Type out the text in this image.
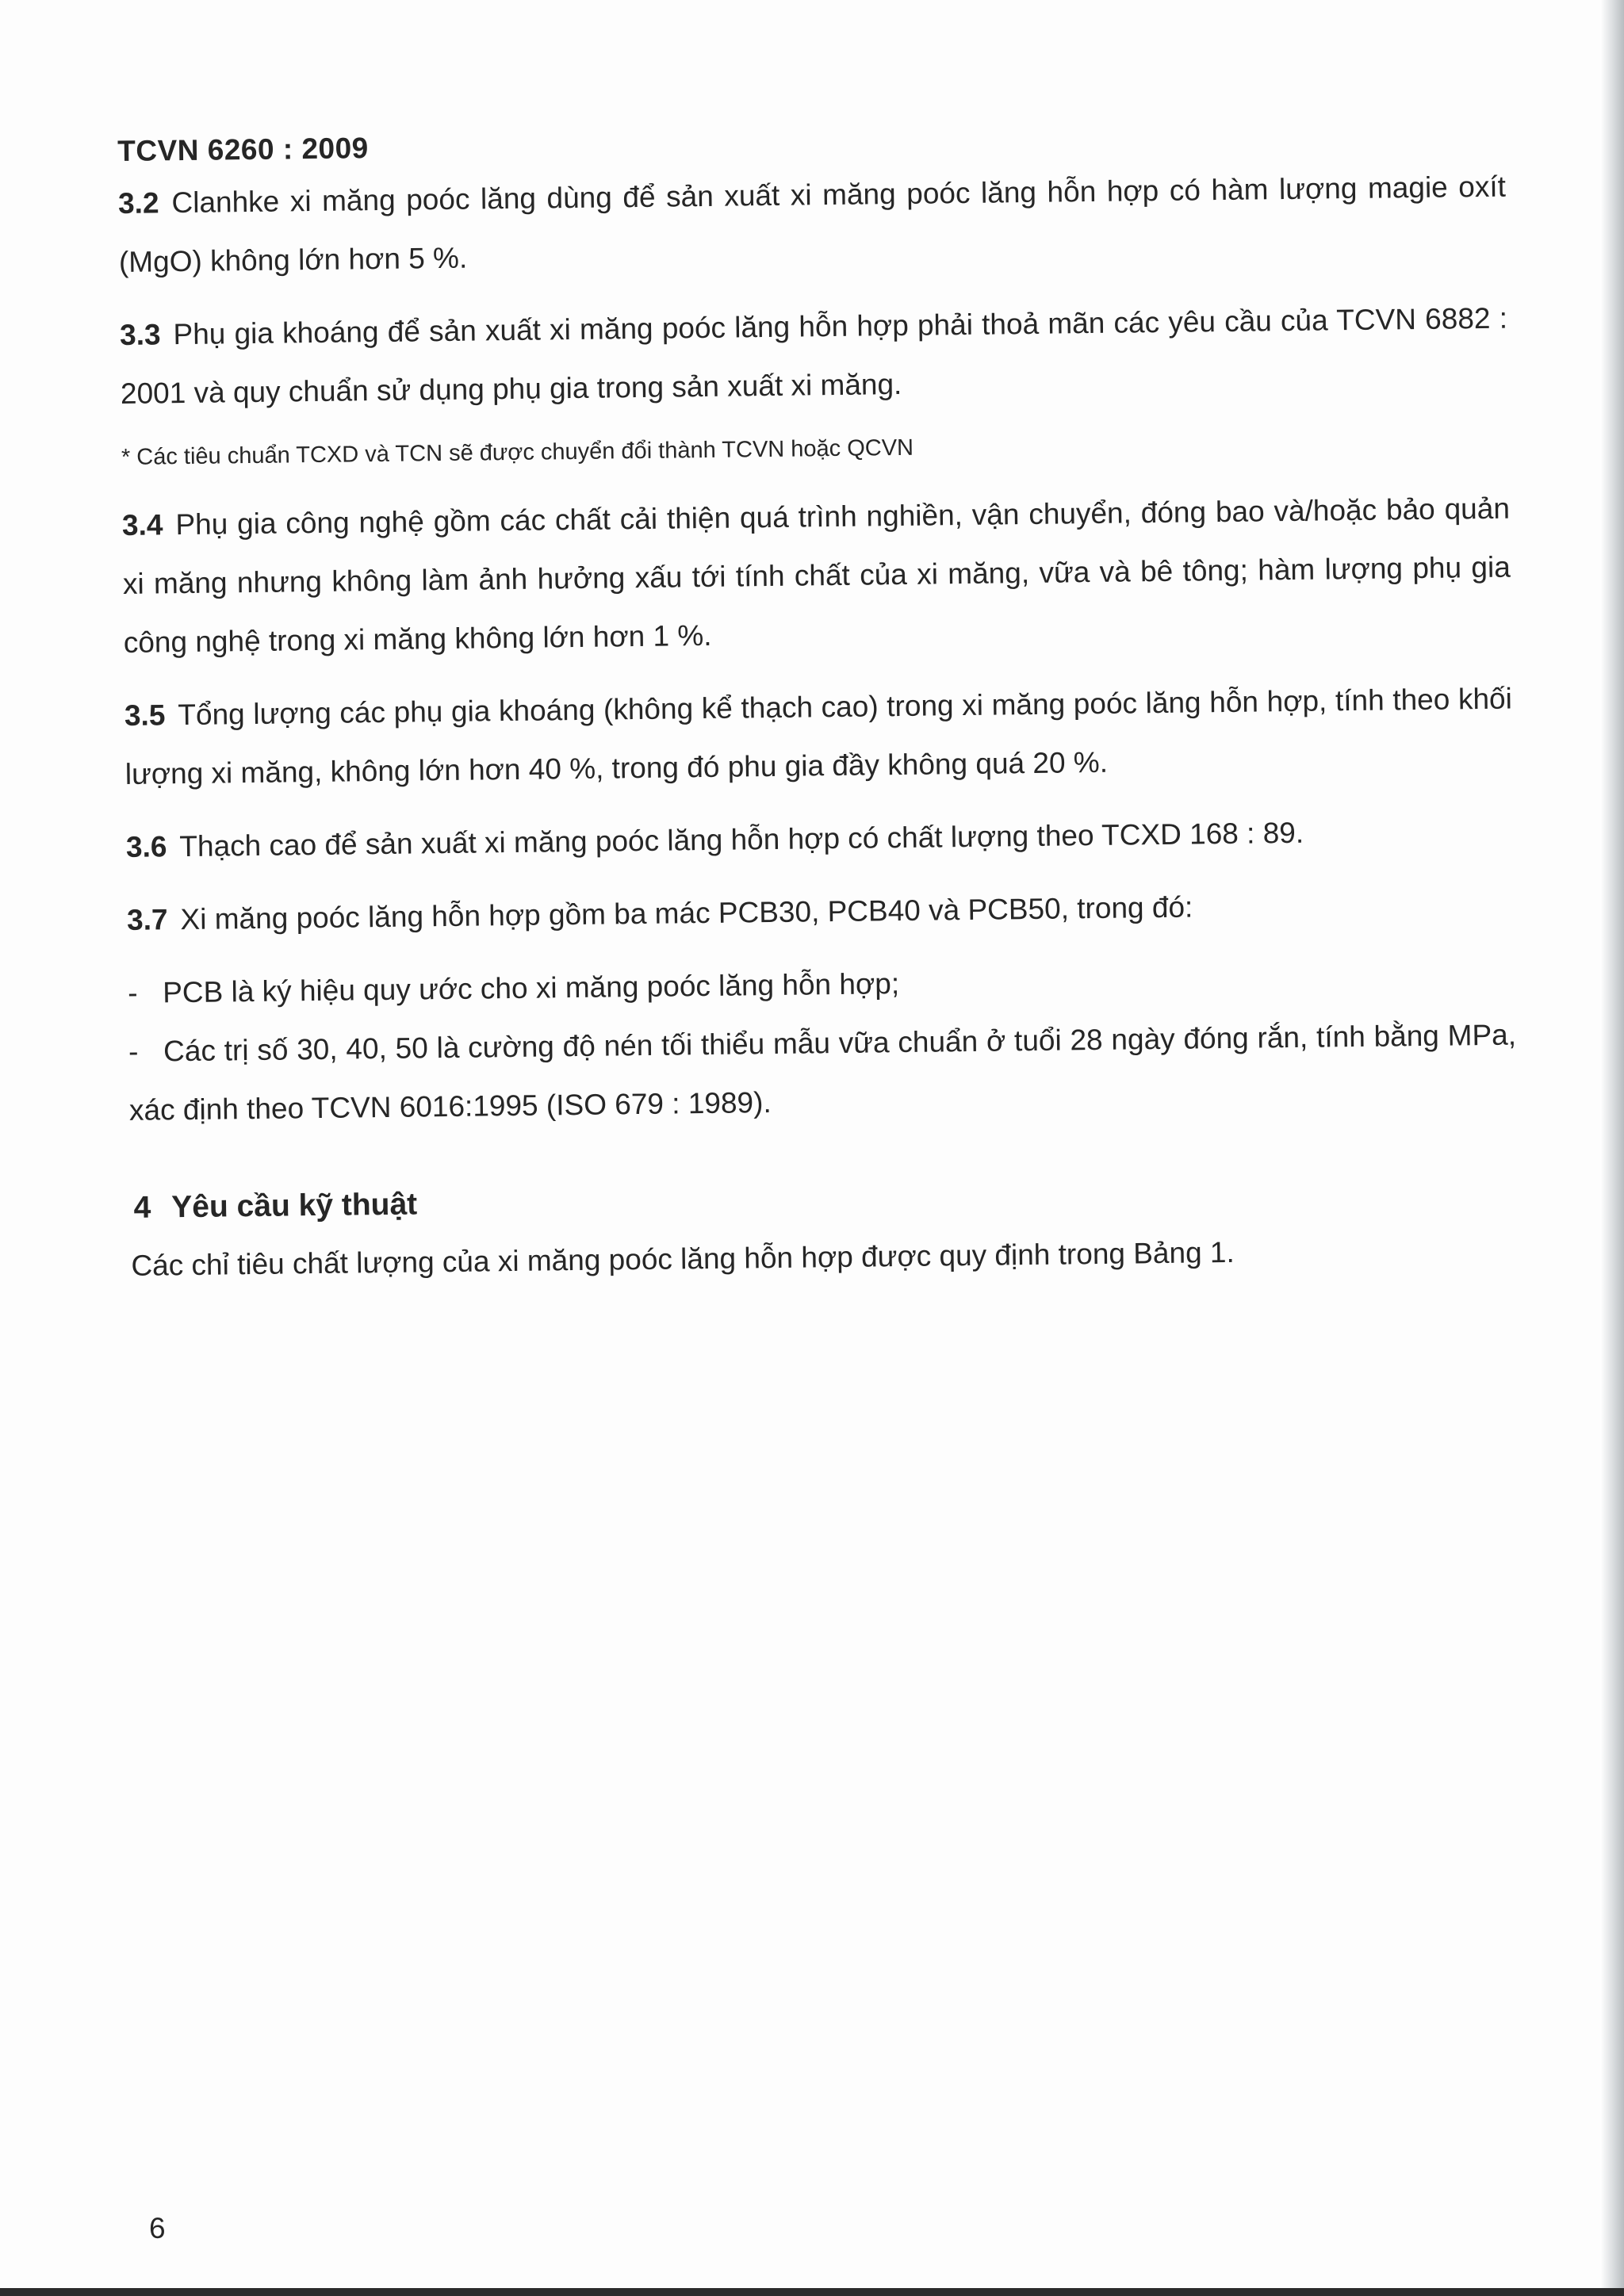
TCVN 6260 : 2009

3.2 Clanhke xi măng poóc lăng dùng để sản xuất xi măng poóc lăng hỗn hợp có hàm lượng magie oxít (MgO) không lớn hơn 5 %.

3.3 Phụ gia khoáng để sản xuất xi măng poóc lăng hỗn hợp phải thoả mãn các yêu cầu của TCVN 6882 : 2001 và quy chuẩn sử dụng phụ gia trong sản xuất xi măng.

* Các tiêu chuẩn TCXD và TCN sẽ được chuyển đổi thành TCVN hoặc QCVN

3.4 Phụ gia công nghệ gồm các chất cải thiện quá trình nghiền, vận chuyển, đóng bao và/hoặc bảo quản xi măng nhưng không làm ảnh hưởng xấu tới tính chất của xi măng, vữa và bê tông; hàm lượng phụ gia công nghệ trong xi măng không lớn hơn 1 %.

3.5 Tổng lượng các phụ gia khoáng (không kể thạch cao) trong xi măng poóc lăng hỗn hợp, tính theo khối lượng xi măng, không lớn hơn 40 %, trong đó phu gia đầy không quá 20 %.

3.6 Thạch cao để sản xuất xi măng poóc lăng hỗn hợp có chất lượng theo TCXD 168 : 89.

3.7 Xi măng poóc lăng hỗn hợp gồm ba mác PCB30, PCB40 và PCB50, trong đó:

- PCB là ký hiệu quy ước cho xi măng poóc lăng hỗn hợp;

- Các trị số 30, 40, 50 là cường độ nén tối thiểu mẫu vữa chuẩn ở tuổi 28 ngày đóng rắn, tính bằng MPa, xác định theo TCVN 6016:1995 (ISO 679 : 1989).

4 Yêu cầu kỹ thuật

Các chỉ tiêu chất lượng của xi măng poóc lăng hỗn hợp được quy định trong Bảng 1.

6
